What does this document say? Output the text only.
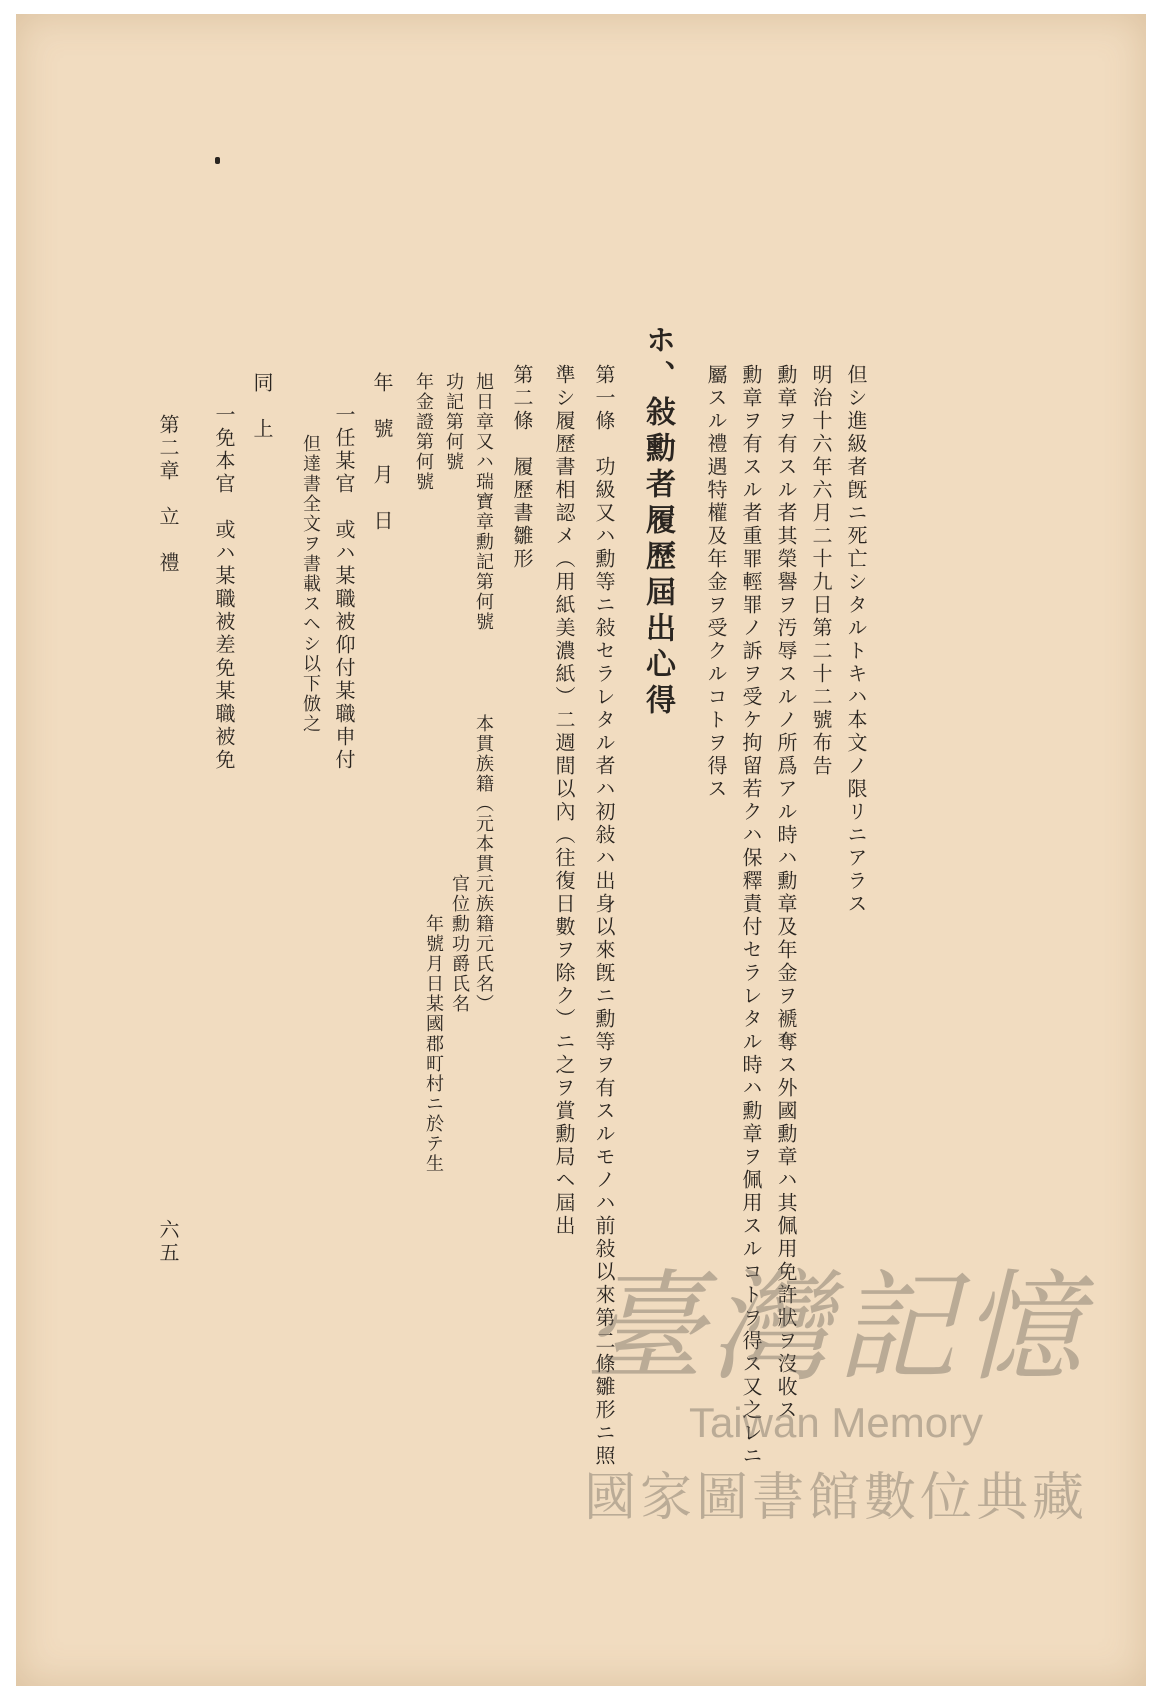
但シ進級者旣ニ死亡シタルトキハ本文ノ限リニアラス
明治十六年六月二十九日第二十二號布告
勳章ヲ有スル者其榮譽ヲ汚辱スルノ所爲アル時ハ勳章及年金ヲ褫奪ス外國勳章ハ其佩用免許狀ヲ沒收ス
勳章ヲ有スル者重罪輕罪ノ訴ヲ受ケ拘留若クハ保釋責付セラレタル時ハ勳章ヲ佩用スルコトヲ得ス又之レニ
屬スル禮遇特權及年金ヲ受クルコトヲ得ス
ホ、敍勳者履歷屆出心得
第一條　功級又ハ勳等ニ敍セラレタル者ハ初敍ハ出身以來旣ニ勳等ヲ有スルモノハ前敍以來第二條雛形ニ照
準シ履歷書相認メ（用紙美濃紙）二週間以內（往復日數ヲ除ク）ニ之ヲ賞勳局ヘ屆出
第二條　履歷書雛形
旭日章又ハ瑞寶章勳記第何號
本貫族籍（元本貫元族籍元氏名）
功記第何號
官位勳功爵氏名
年金證第何號
年號月日某國郡町村ニ於テ生
年　號　月　日
一任某官　或ハ某職被仰付某職申付
但達書全文ヲ書載スヘシ以下倣之
同　上
一免本官　或ハ某職被差免某職被免
第二章　立　禮
六五
臺灣記憶
Taiwan Memory
國家圖書館數位典藏
